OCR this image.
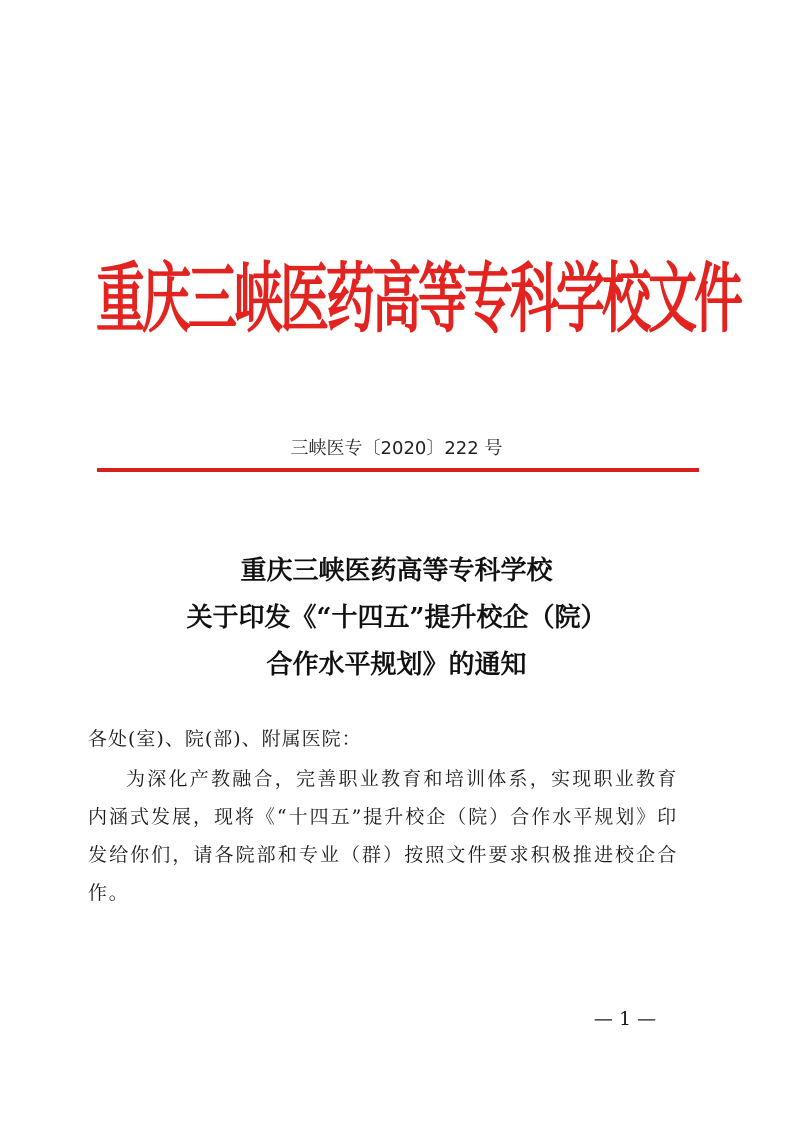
重庆三峡医药高等专科学校文件
三峡医专〔2020〕222 号
重庆三峡医药高等专科学校
关于印发《“十四五”提升校企（院）
合作水平规划》的通知
各处(室)、院(部)、附属医院：

为深化产教融合，完善职业教育和培训体系，实现职业教育内涵式发展，现将《“十四五”提升校企（院）合作水平规划》印发给你们，请各院部和专业（群）按照文件要求积极推进校企合作。

— 1 —
